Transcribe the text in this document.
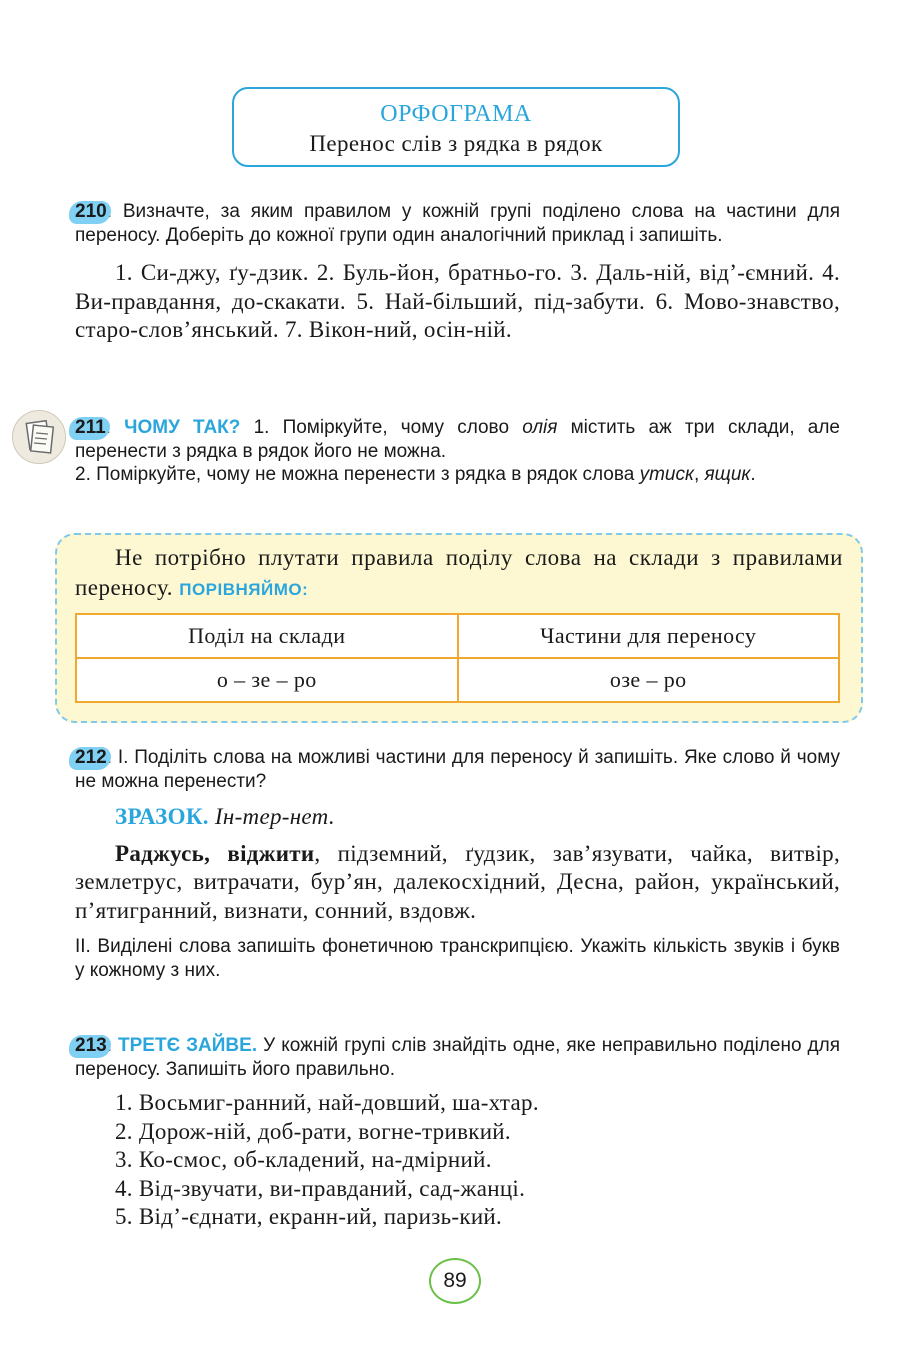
ОРФОГРАМА
Перенос слів з рядка в рядок
210. Визначте, за яким правилом у кожній групі поділено слова на частини для переносу. Доберіть до кожної групи один аналогічний приклад і запишіть.
1. Си-джу, ґу-дзик. 2. Буль-йон, братньо-го. 3. Даль-ній, від’-ємний. 4. Ви-правдання, до-скакати. 5. Най-більший, під-забути. 6. Мово-знавство, старо-слов’янський. 7. Вікон-ний, осін-ній.
211. ЧОМУ ТАК? 1. Поміркуйте, чому слово олія містить аж три склади, але перенести з рядка в рядок його не можна.
2. Поміркуйте, чому не можна перенести з рядка в рядок слова утиск, ящик.
Не потрібно плутати правила поділу слова на склади з правилами переносу. ПОРІВНЯЙМО:
Поділ на склади	Частини для переносу
о – зе – ро	озе – ро
212. І. Поділіть слова на можливі частини для переносу й запишіть. Яке слово й чому не можна перенести?
ЗРАЗОК. Ін-тер-нет.
Раджусь, віджити, підземний, ґудзик, зав’язувати, чайка, витвір, землетрус, витрачати, бур’ян, далекосхідний, Десна, район, український, п’ятигранний, визнати, сонний, вздовж.
ІІ. Виділені слова запишіть фонетичною транскрипцією. Укажіть кількість звуків і букв у кожному з них.
213. ТРЕТЄ ЗАЙВЕ. У кожній групі слів знайдіть одне, яке неправильно поділено для переносу. Запишіть його правильно.
1. Восьмиг-ранний, най-довший, ша-хтар.
2. Дорож-ній, доб-рати, вогне-тривкий.
3. Ко-смос, об-кладений, на-дмірний.
4. Від-звучати, ви-правданий, сад-жанці.
5. Від’-єднати, екранн-ий, паризь-кий.
89
